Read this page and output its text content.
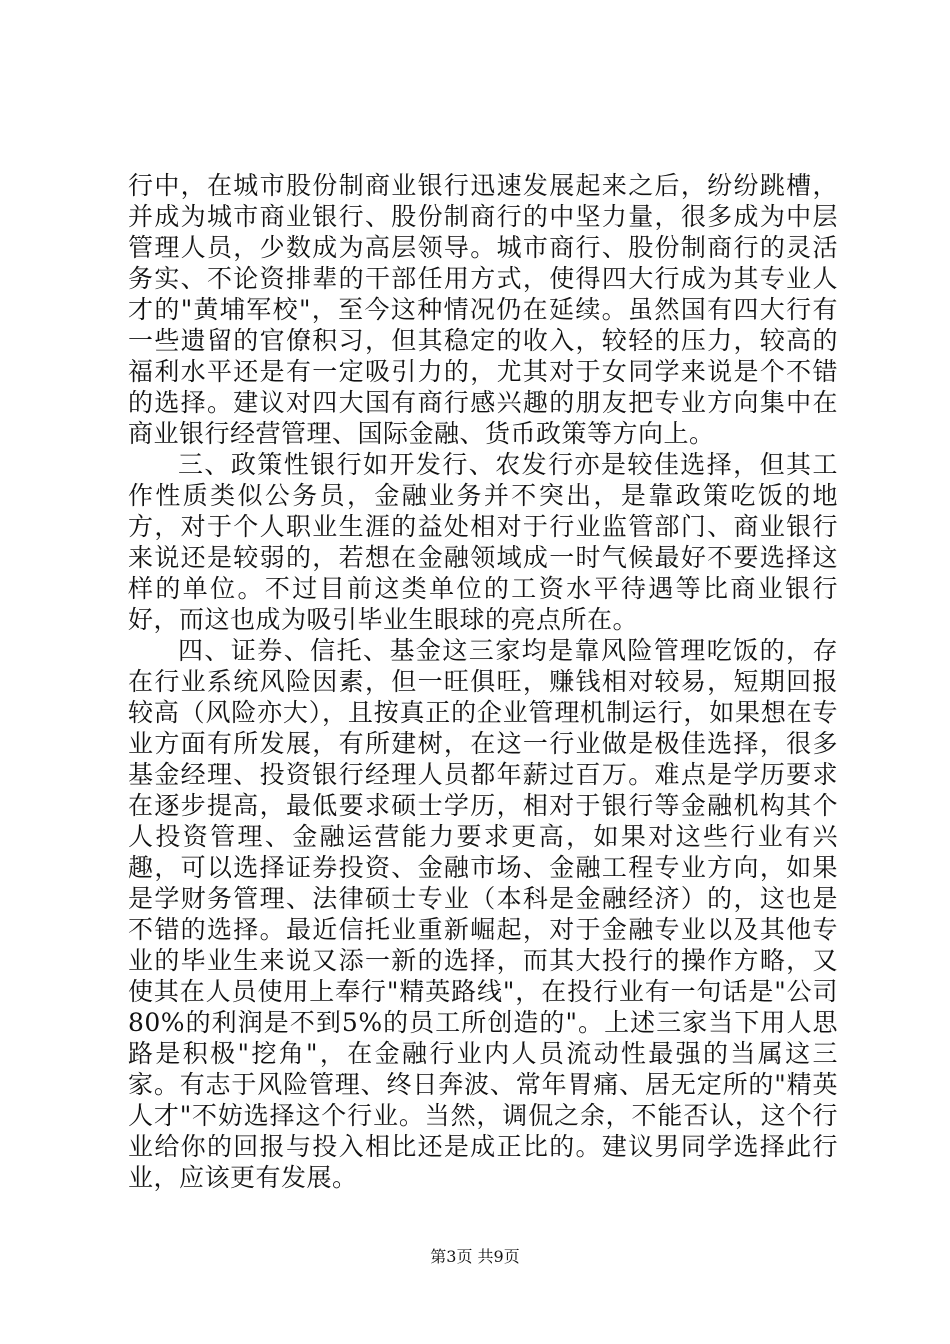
行中，在城市股份制商业银行迅速发展起来之后，纷纷跳槽，并成为城市商业银行、股份制商行的中坚力量，很多成为中层管理人员，少数成为高层领导。城市商行、股份制商行的灵活务实、不论资排辈的干部任用方式，使得四大行成为其专业人才的"黄埔军校"，至今这种情况仍在延续。虽然国有四大行有一些遗留的官僚积习，但其稳定的收入，较轻的压力，较高的福利水平还是有一定吸引力的，尤其对于女同学来说是个不错的选择。建议对四大国有商行感兴趣的朋友把专业方向集中在商业银行经营管理、国际金融、货币政策等方向上。

三、政策性银行如开发行、农发行亦是较佳选择，但其工作性质类似公务员，金融业务并不突出，是靠政策吃饭的地方，对于个人职业生涯的益处相对于行业监管部门、商业银行来说还是较弱的，若想在金融领域成一时气候最好不要选择这样的单位。不过目前这类单位的工资水平待遇等比商业银行好，而这也成为吸引毕业生眼球的亮点所在。

四、证券、信托、基金这三家均是靠风险管理吃饭的，存在行业系统风险因素，但一旺俱旺，赚钱相对较易，短期回报较高（风险亦大），且按真正的企业管理机制运行，如果想在专业方面有所发展，有所建树，在这一行业做是极佳选择，很多基金经理、投资银行经理人员都年薪过百万。难点是学历要求在逐步提高，最低要求硕士学历，相对于银行等金融机构其个人投资管理、金融运营能力要求更高，如果对这些行业有兴趣，可以选择证券投资、金融市场、金融工程专业方向，如果是学财务管理、法律硕士专业（本科是金融经济）的，这也是不错的选择。最近信托业重新崛起，对于金融专业以及其他专业的毕业生来说又添一新的选择，而其大投行的操作方略，又使其在人员使用上奉行"精英路线"，在投行业有一句话是"公司80%的利润是不到5%的员工所创造的"。上述三家当下用人思路是积极"挖角"，在金融行业内人员流动性最强的当属这三家。有志于风险管理、终日奔波、常年胃痛、居无定所的"精英人才"不妨选择这个行业。当然，调侃之余，不能否认，这个行业给你的回报与投入相比还是成正比的。建议男同学选择此行业，应该更有发展。

第3页 共9页
